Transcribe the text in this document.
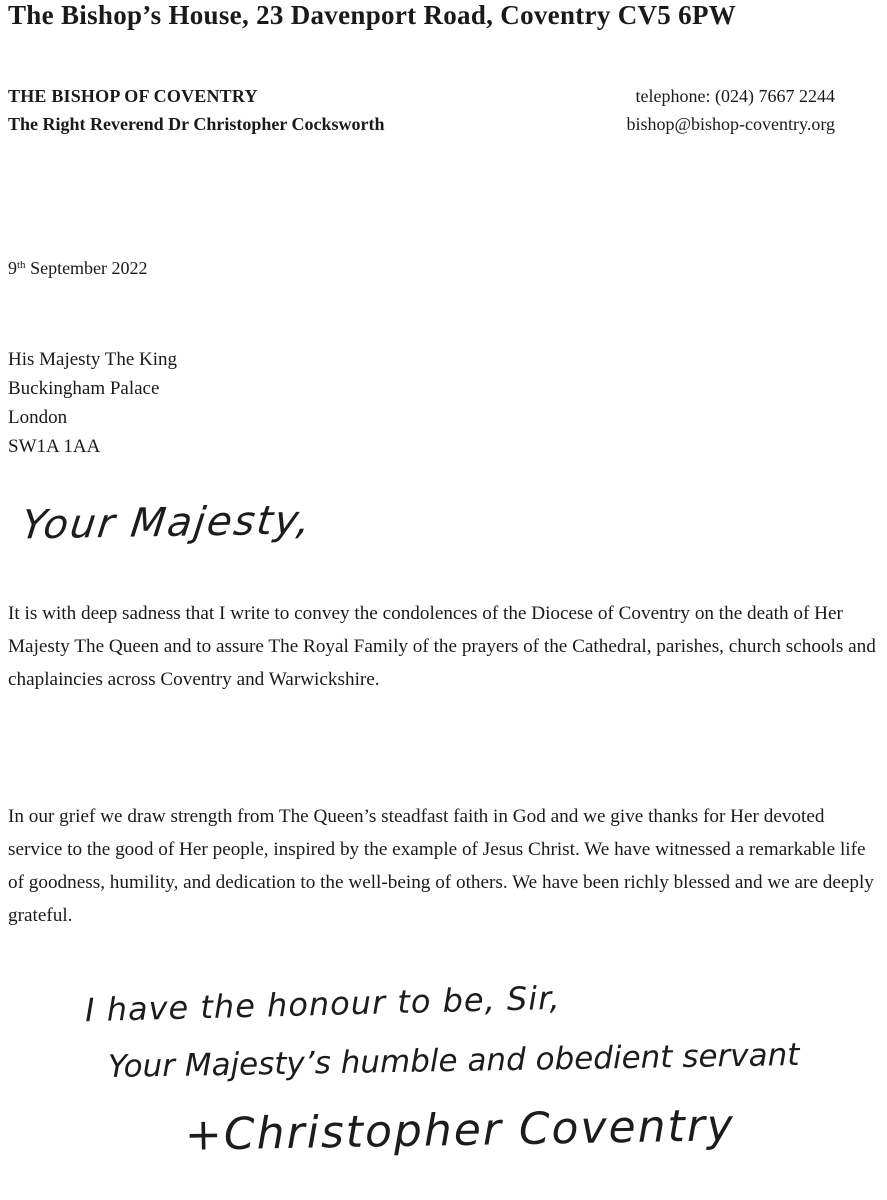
The Bishop’s House, 23 Davenport Road, Coventry CV5 6PW
THE BISHOP OF COVENTRY
The Right Reverend Dr Christopher Cocksworth
telephone: (024) 7667 2244
bishop@bishop-coventry.org
9th September 2022
His Majesty The King
Buckingham Palace
London
SW1A 1AA
Your Majesty,

It is with deep sadness that I write to convey the condolences of the Diocese of Coventry on the death of Her Majesty The Queen and to assure The Royal Family of the prayers of the Cathedral, parishes, church schools and chaplaincies across Coventry and Warwickshire.

In our grief we draw strength from The Queen’s steadfast faith in God and we give thanks for Her devoted service to the good of Her people, inspired by the example of Jesus Christ. We have witnessed a remarkable life of goodness, humility, and dedication to the well-being of others. We have been richly blessed and we are deeply grateful.

I have the honour to be, Sir,
Your Majesty’s humble and obedient servant
+Christopher Coventry
